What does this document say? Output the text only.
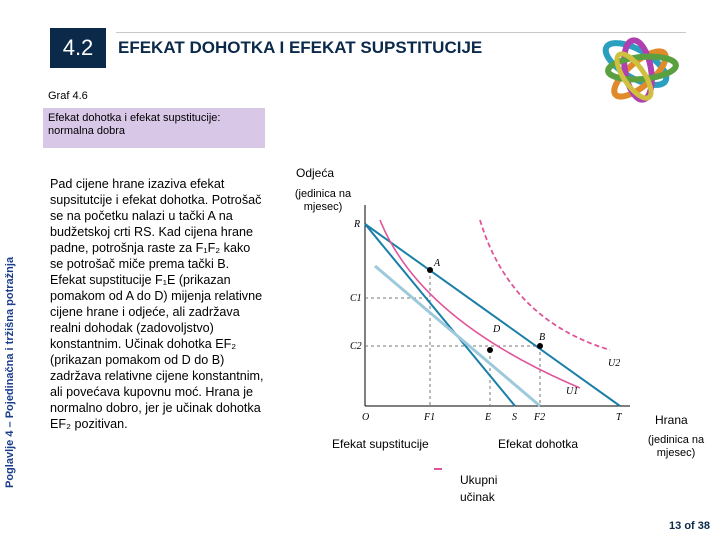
4.2 EFEKAT DOHOTKA I EFEKAT SUPSTITUCIJE
Poglavlje 4 – Pojedinačna i tržišna potražnja
Graf 4.6
Efekat dohotka i efekat supstitucije: normalna dobra
Pad cijene hrane izaziva efekat supsitutcije i efekat dohotka. Potrošač se na početku nalazi u tački A na budžetskoj crti RS. Kad cijena hrane padne, potrošnja raste za F₁F₂ kako se potrošač miče prema tački B. Efekat supstitucije F₁E (prikazan pomakom od A do D) mijenja relativne cijene hrane i odjeće, ali zadržava realni dohodak (zadovoljstvo) konstantnim. Učinak dohotka EF₂ (prikazan pomakom od D do B) zadržava relativne cijene konstantnim, ali povećava kupovnu moć. Hrana je normalno dobro, jer je učinak dohotka EF₂ pozitivan.
Odjeća
(jedinica na mjesec)
Hrana
(jedinica na mjesec)
R
C1
C2
O	F1	E S F2	T
A
B
D
U1
U2
Efekat supstitucije	Efekat dohotka
Ukupni učinak
13 of 38
